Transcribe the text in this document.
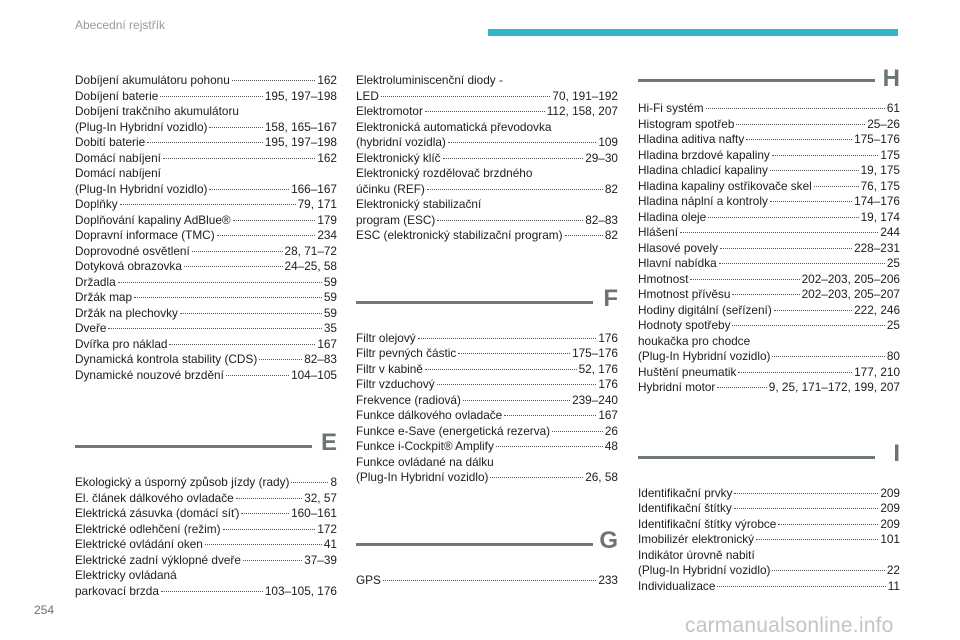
Abecední rejstřík
Dobíjení akumulátoru pohonu	162
Dobíjení baterie	195, 197–198
Dobíjení trakčního akumulátoru
(Plug-In Hybridní vozidlo)	158, 165–167
Dobití baterie	195, 197–198
Domácí nabíjení	162
Domácí nabíjení
(Plug-In Hybridní vozidlo)	166–167
Doplňky	79, 171
Doplňování kapaliny AdBlue®	179
Dopravní informace (TMC)	234
Doprovodné osvětlení	28, 71–72
Dotyková obrazovka	24–25, 58
Držadla	59
Držák map	59
Držák na plechovky	59
Dveře	35
Dvířka pro náklad	167
Dynamická kontrola stability (CDS)	82–83
Dynamické nouzové brzdění	104–105
E
Ekologický a úsporný způsob jízdy (rady)	8
El. článek dálkového ovladače	32, 57
Elektrická zásuvka (domácí síť)	160–161
Elektrické odlehčení (režim)	172
Elektrické ovládání oken	41
Elektrické zadní výklopné dveře	37–39
Elektricky ovládaná
parkovací brzda	103–105, 176
Elektroluminiscenční diody -
LED	70, 191–192
Elektromotor	112, 158, 207
Elektronická automatická převodovka
(hybridní vozidla)	109
Elektronický klíč	29–30
Elektronický rozdělovač brzdného
účinku (REF)	82
Elektronický stabilizační
program (ESC)	82–83
ESC (elektronický stabilizační program)	82
F
Filtr olejový	176
Filtr pevných částic	175–176
Filtr v kabině	52, 176
Filtr vzduchový	176
Frekvence (radiová)	239–240
Funkce dálkového ovladače	167
Funkce e-Save (energetická rezerva)	26
Funkce i-Cockpit® Amplify	48
Funkce ovládané na dálku
(Plug-In Hybridní vozidlo)	26, 58
G
GPS	233
H
Hi-Fi systém	61
Histogram spotřeb	25–26
Hladina aditiva nafty	175–176
Hladina brzdové kapaliny	175
Hladina chladicí kapaliny	19, 175
Hladina kapaliny ostřikovače skel	76, 175
Hladina náplní a kontroly	174–176
Hladina oleje	19, 174
Hlášení	244
Hlasové povely	228–231
Hlavní nabídka	25
Hmotnost	202–203, 205–206
Hmotnost přívěsu	202–203, 205–207
Hodiny digitální (seřízení)	222, 246
Hodnoty spotřeby	25
houkačka pro chodce
(Plug-In Hybridní vozidlo)	80
Huštění pneumatik	177, 210
Hybridní motor	9, 25, 171–172, 199, 207
I
Identifikační prvky	209
Identifikační štítky	209
Identifikační štítky výrobce	209
Imobilizér elektronický	101
Indikátor úrovně nabití
(Plug-In Hybridní vozidlo)	22
Individualizace	11
254
carmanualsonline.info
